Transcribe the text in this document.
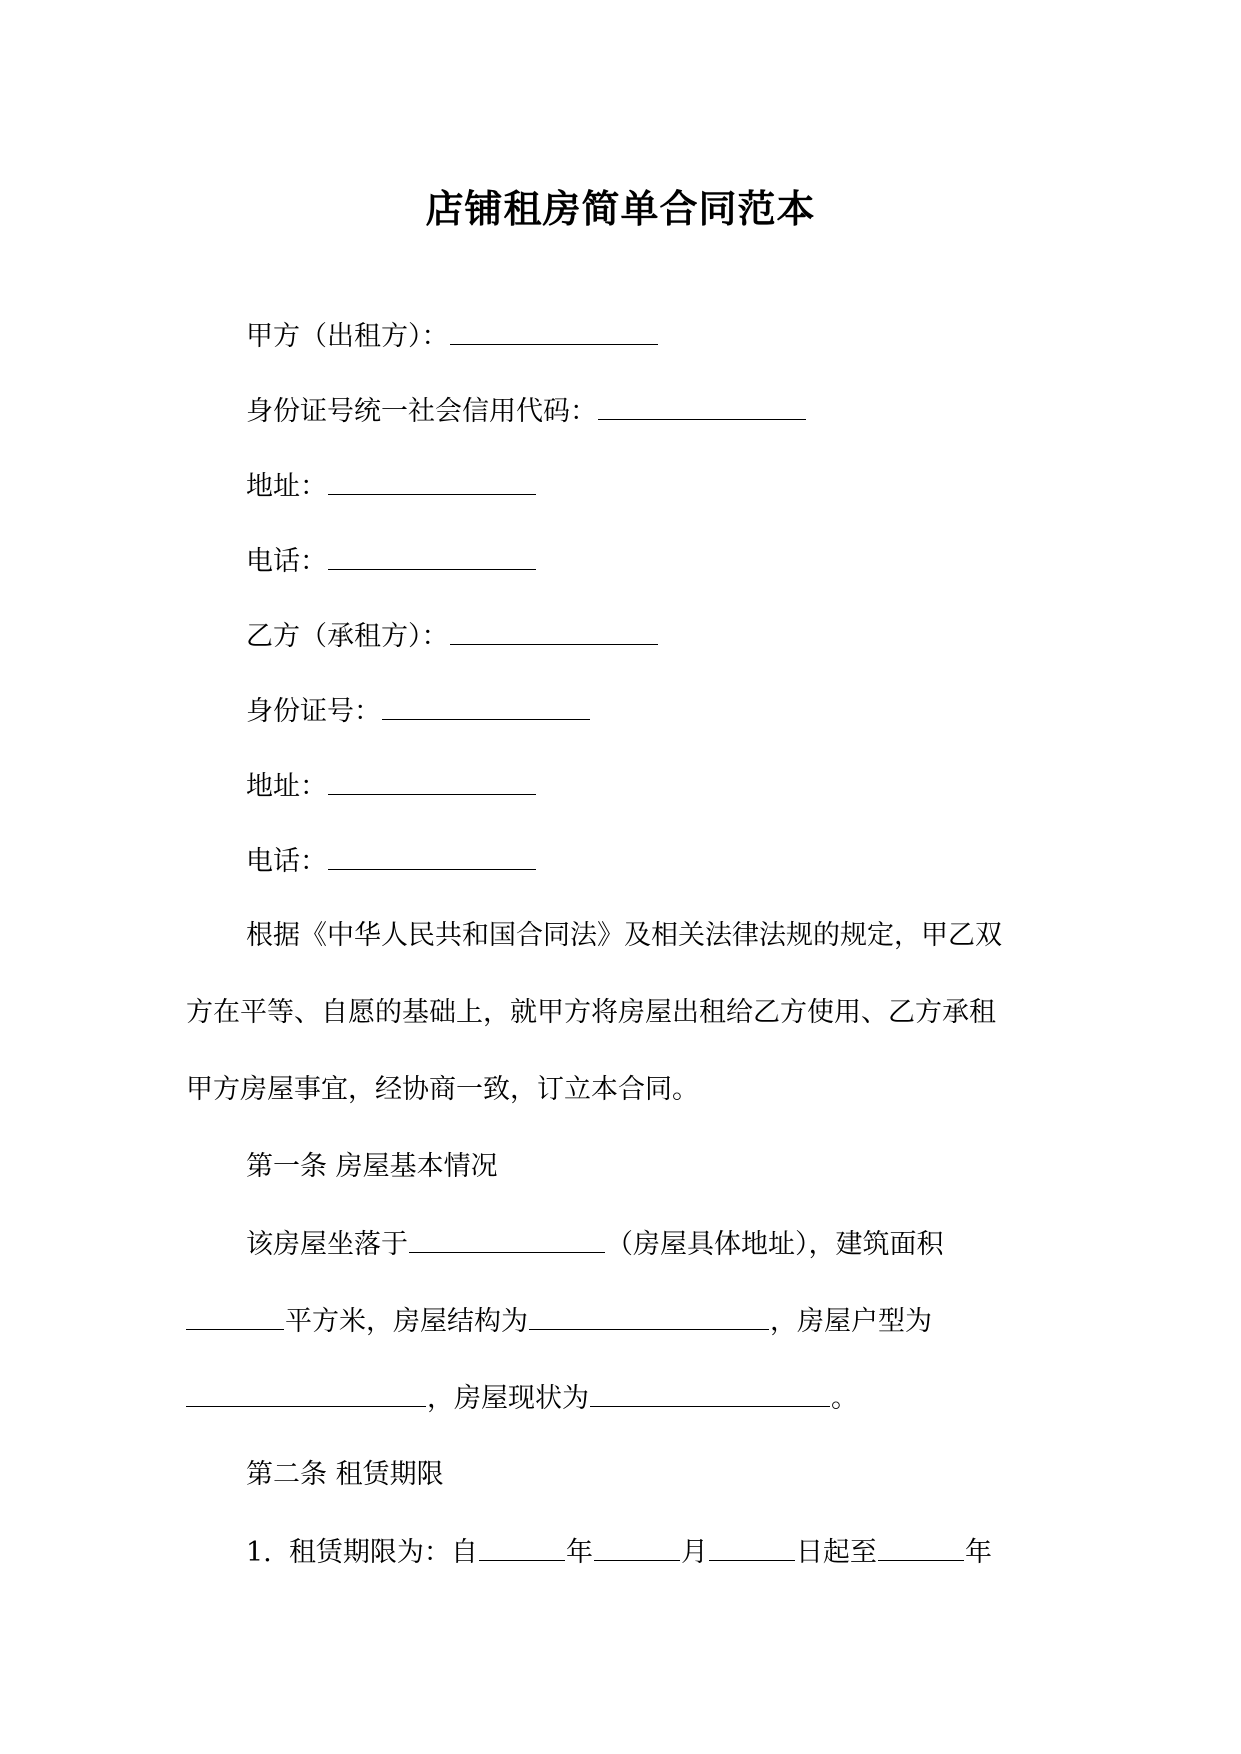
店铺租房简单合同范本
甲方（出租方）：
身份证号统一社会信用代码：
地址：
电话：
乙方（承租方）：
身份证号：
地址：
电话：
根据《中华人民共和国合同法》及相关法律法规的规定，甲乙双
方在平等、自愿的基础上，就甲方将房屋出租给乙方使用、乙方承租
甲方房屋事宜，经协商一致，订立本合同。
第一条 房屋基本情况
该房屋坐落于	（房屋具体地址），建筑面积
平方米，房屋结构为	，房屋户型为
，房屋现状为	。
第二条 租赁期限
1. 租赁期限为：自	年	月	日起至	年
